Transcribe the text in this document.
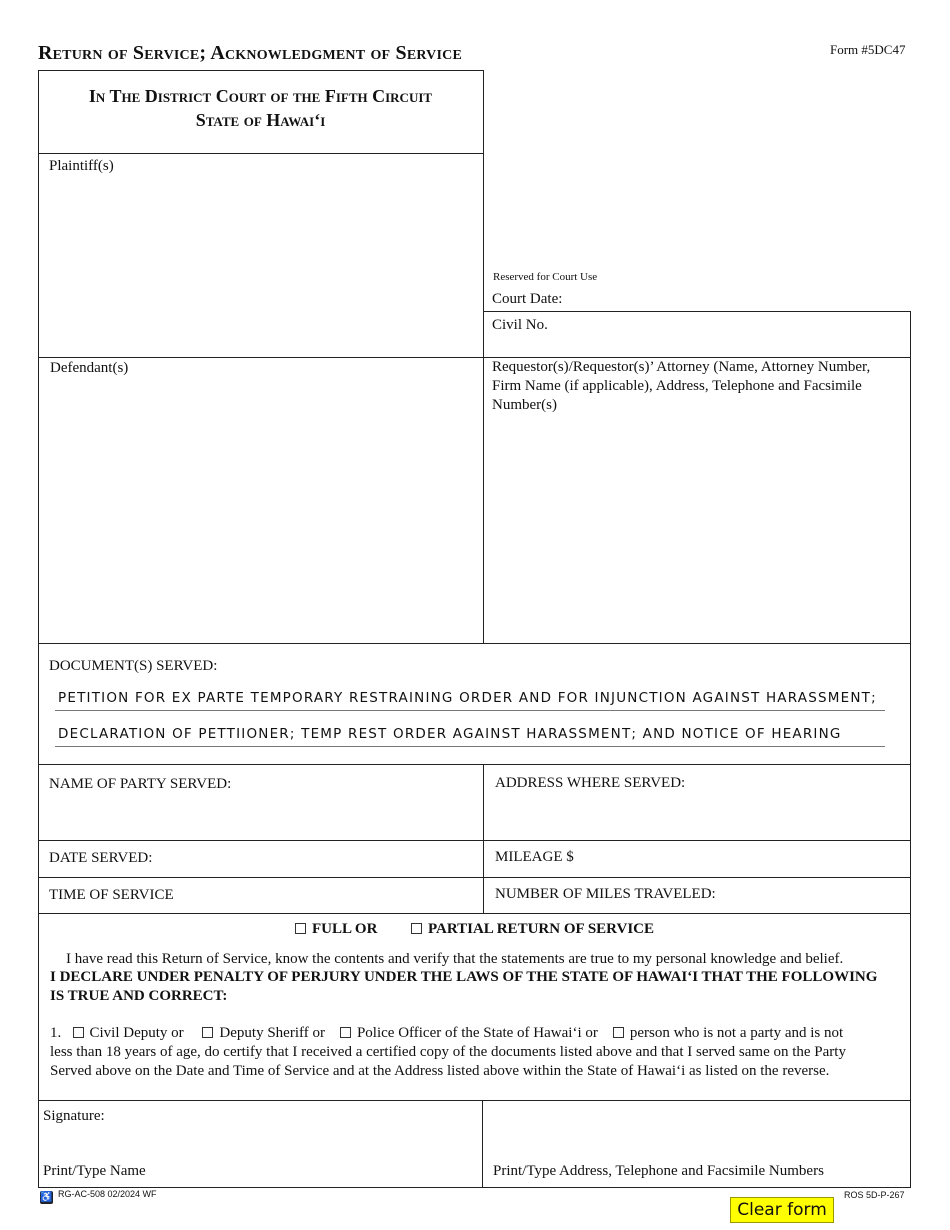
Return of Service; Acknowledgment of Service	Form #5DC47
In The District Court of the Fifth Circuit
State of Hawai‘i
Plaintiff(s)
Reserved for Court Use
Court Date:
Civil No.
Defendant(s)	Requestor(s)/Requestor(s)’ Attorney (Name, Attorney Number, Firm Name (if applicable), Address, Telephone and Facsimile Number(s)
DOCUMENT(S) SERVED:
PETITION FOR EX PARTE TEMPORARY RESTRAINING ORDER AND FOR INJUNCTION AGAINST HARASSMENT;
DECLARATION OF PETTIIONER; TEMP REST ORDER AGAINST HARASSMENT; AND NOTICE OF HEARING
NAME OF PARTY SERVED:	ADDRESS WHERE SERVED:
DATE SERVED:	MILEAGE $
TIME OF SERVICE	NUMBER OF MILES TRAVELED:
FULL OR	PARTIAL RETURN OF SERVICE
I have read this Return of Service, know the contents and verify that the statements are true to my personal knowledge and belief.
I DECLARE UNDER PENALTY OF PERJURY UNDER THE LAWS OF THE STATE OF HAWAI‘I THAT THE FOLLOWING IS TRUE AND CORRECT:
1. Civil Deputy or Deputy Sheriff or Police Officer of the State of Hawai‘i or person who is not a party and is not
less than 18 years of age, do certify that I received a certified copy of the documents listed above and that I served same on the Party Served above on the Date and Time of Service and at the Address listed above within the State of Hawai‘i as listed on the reverse.
Signature:
Print/Type Name	Print/Type Address, Telephone and Facsimile Numbers
♿ RG-AC-508 02/2024 WF	ROS 5D-P-267
Clear form
